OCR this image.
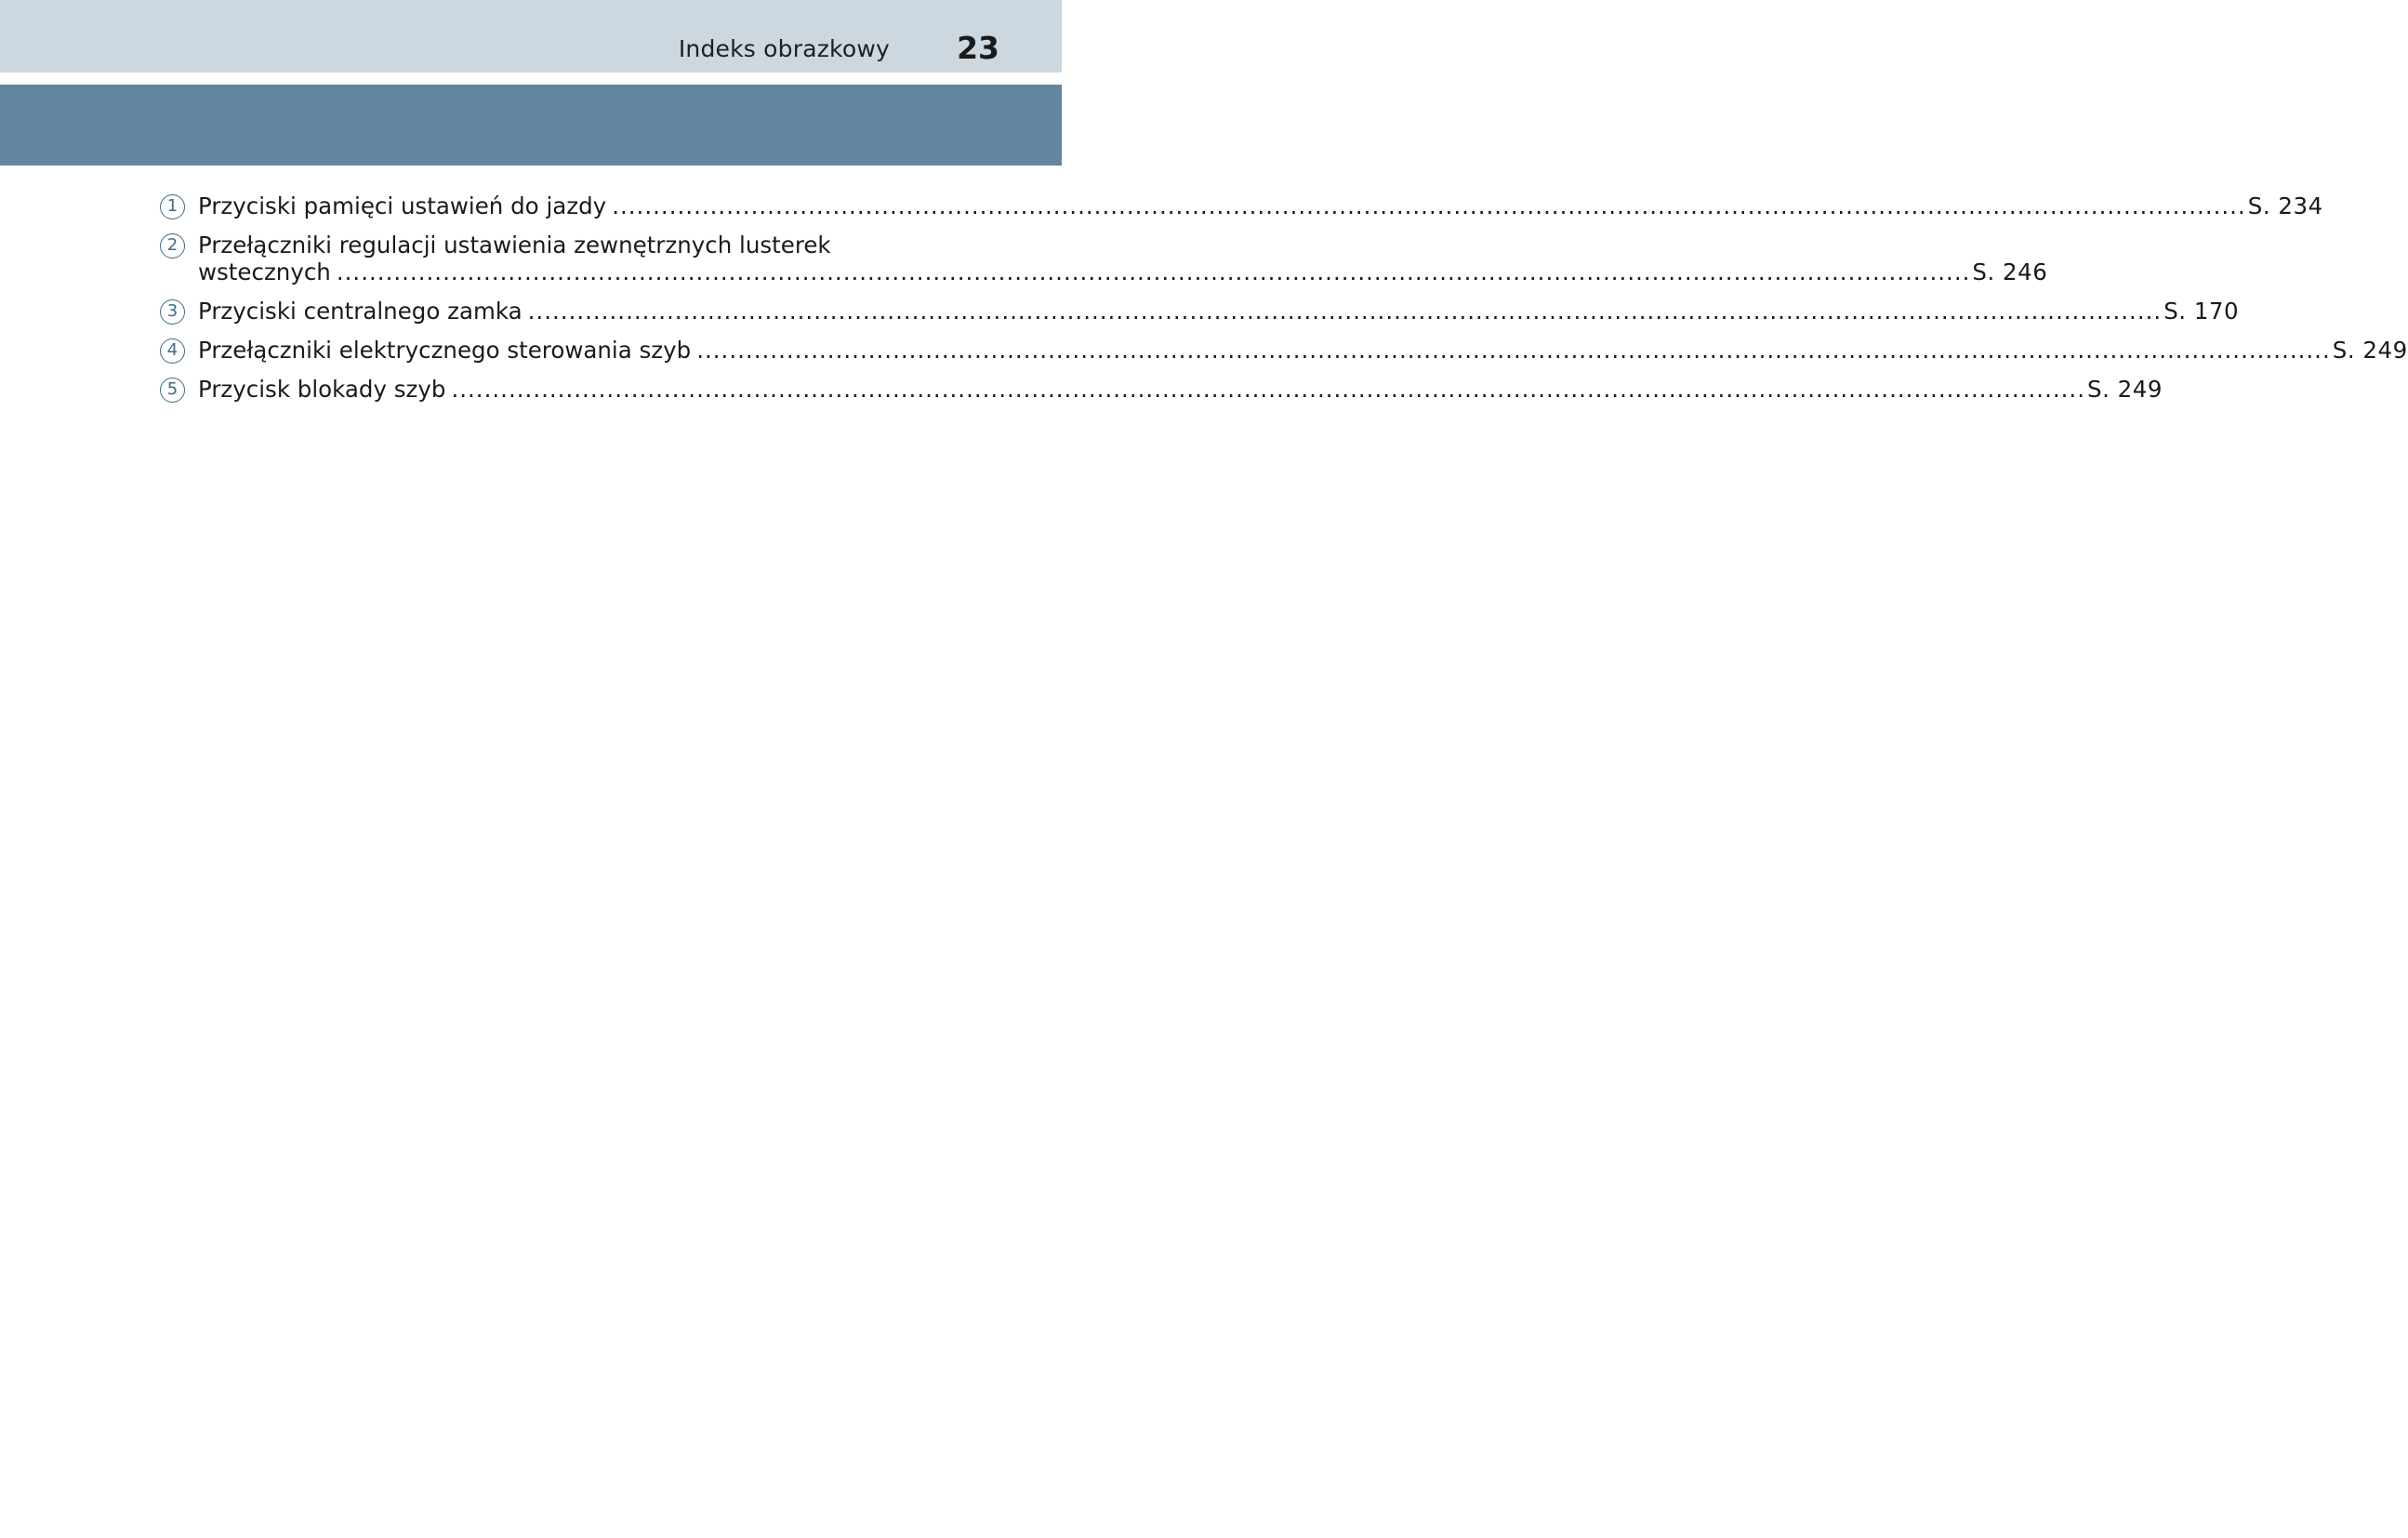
Indeks obrazkowy 23
1 Przyciski pamięci ustawień do jazdy ........................................................................................................................................................................................................ S. 234
2 Przełączniki regulacji ustawienia zewnętrznych lusterek
wstecznych ........................................................................................................................................................................................................ S. 246
3 Przyciski centralnego zamka ........................................................................................................................................................................................................ S. 170
4 Przełączniki elektrycznego sterowania szyb ........................................................................................................................................................................................................ S. 249
5 Przycisk blokady szyb ........................................................................................................................................................................................................ S. 249
